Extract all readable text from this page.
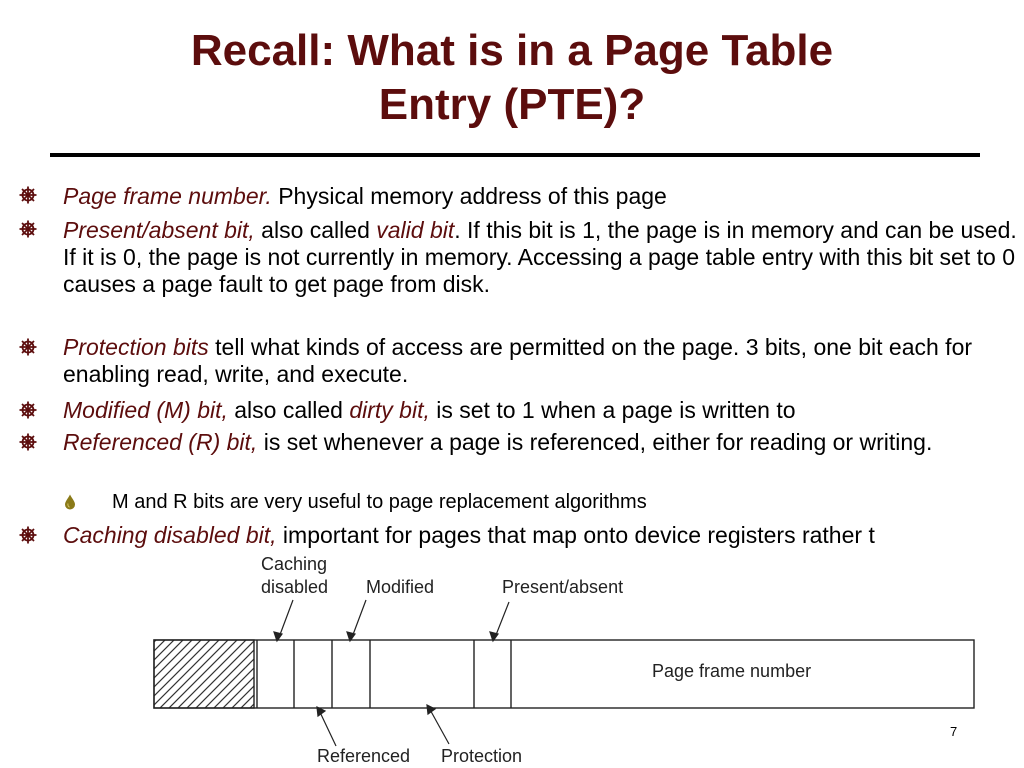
Recall: What is in a Page Table
Entry (PTE)?
Page frame number. Physical memory address of this page
Present/absent bit, also called valid bit. If this bit is 1, the page is in memory and can be used. If it is 0, the page is not currently in memory. Accessing a page table entry with this bit set to 0 causes a page fault to get page from disk.
Protection bits tell what kinds of access are permitted on the page. 3 bits, one bit each for enabling read, write, and execute.
Modified (M) bit, also called dirty bit, is set to 1 when a page is written to
Referenced (R) bit, is set whenever a page is referenced, either for reading or writing.
M and R bits are very useful to page replacement algorithms
Caching disabled bit, important for pages that map onto device registers rather t
Caching
disabled Modified	Present/absent
Page frame number
Referenced Protection
7
